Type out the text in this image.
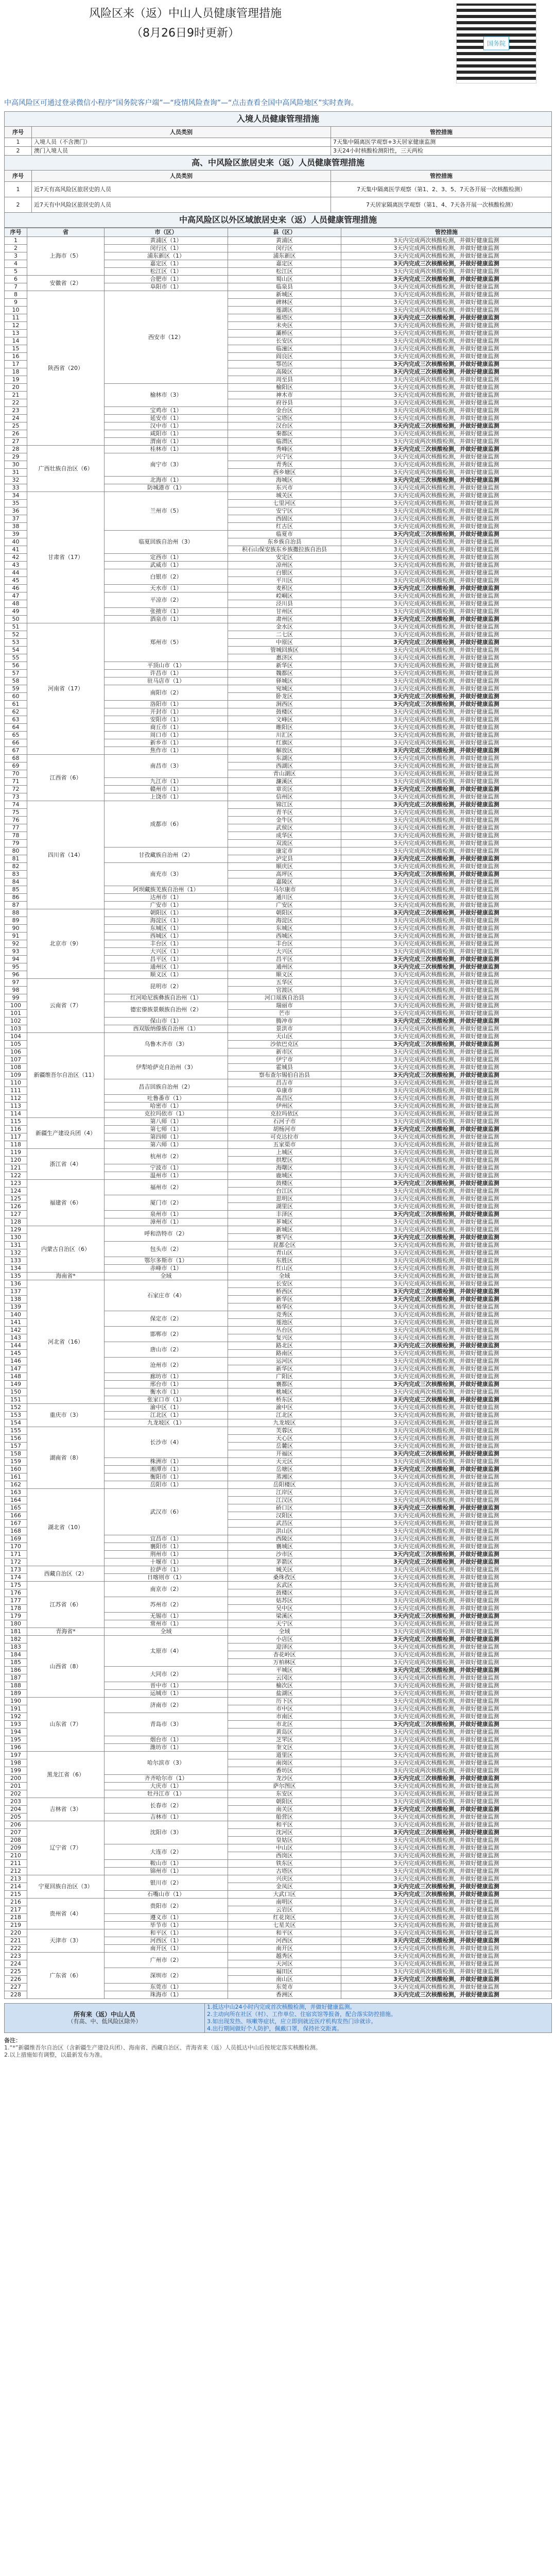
风险区来（返）中山人员健康管理措施
（8月26日9时更新）
国务院
中高风险区可通过登录微信小程序“国务院客户端”—“疫情风险查询”—“点击查看全国中高风险地区”实时查询。
入境人员健康管理措施		
序号	人员类别	管控措施
1	入境人员（不含澳门）	7天集中隔离医学观察+3天居家健康监测
2	澳门入境人员	3天24小时核酸检测阳性，三天两检
高、中风险区旅居史来（返）人员健康管理措施		
序号	人员类别	管控措施
1	近7天有高风险区旅居史的人员	7天集中隔离医学观察（第1、2、3、5、7天各开展一次核酸检测）
2	近7天有中风险区旅居史的人员	7天居家隔离医学观察（第1、4、7天各开展一次核酸检测）
中高风险区以外区域旅居史来（返）人员健康管理措施		
序号	省	市（区）	县（区）	管控措施
1	上海市（5）	黄浦区（1）	黄浦区	3天内完成两次核酸检测，并做好健康监测
2		闵行区（1）	闵行区	3天内完成两次核酸检测，并做好健康监测
3		浦东新区（1）	浦东新区	3天内完成两次核酸检测，并做好健康监测
4		嘉定区（1）	嘉定区	3天内完成三次核酸检测，并做好健康监测
5		松江区（1）	松江区	3天内完成两次核酸检测，并做好健康监测
6	安徽省（2）	合肥市（1）	蜀山区	3天内完成三次核酸检测，并做好健康监测
7		阜阳市（1）	临泉县	3天内完成两次核酸检测，并做好健康监测
8	陕西省（20）	西安市（12）	新城区	3天内完成两次核酸检测，并做好健康监测
9			碑林区	3天内完成两次核酸检测，并做好健康监测
10			莲湖区	3天内完成两次核酸检测，并做好健康监测
11			雁塔区	3天内完成三次核酸检测，并做好健康监测
12			未央区	3天内完成两次核酸检测，并做好健康监测
13			灞桥区	3天内完成两次核酸检测，并做好健康监测
14			长安区	3天内完成两次核酸检测，并做好健康监测
15			临潼区	3天内完成两次核酸检测，并做好健康监测
16			阎良区	3天内完成两次核酸检测，并做好健康监测
17			鄠邑区	3天内完成三次核酸检测，并做好健康监测
18			高陵区	3天内完成三次核酸检测，并做好健康监测
19			周至县	3天内完成两次核酸检测，并做好健康监测
20		榆林市（3）	榆阳区	3天内完成两次核酸检测，并做好健康监测
21			神木市	3天内完成两次核酸检测，并做好健康监测
22			府谷县	3天内完成两次核酸检测，并做好健康监测
23		宝鸡市（1）	金台区	3天内完成两次核酸检测，并做好健康监测
24		延安市（1）	宝塔区	3天内完成两次核酸检测，并做好健康监测
25		汉中市（1）	汉台区	3天内完成三次核酸检测，并做好健康监测
26		咸阳市（1）	秦都区	3天内完成两次核酸检测，并做好健康监测
27		渭南市（1）	临渭区	3天内完成两次核酸检测，并做好健康监测
28	广西壮族自治区（6）	桂林市（1）	秀峰区	3天内完成三次核酸检测，并做好健康监测
29		南宁市（3）	兴宁区	3天内完成两次核酸检测，并做好健康监测
30			青秀区	3天内完成两次核酸检测，并做好健康监测
31			西乡塘区	3天内完成两次核酸检测，并做好健康监测
32		北海市（1）	海城区	3天内完成三次核酸检测，并做好健康监测
33		防城港市（1）	东兴市	3天内完成两次核酸检测，并做好健康监测
34	甘肃省（17）	兰州市（5）	城关区	3天内完成两次核酸检测，并做好健康监测
35			七里河区	3天内完成两次核酸检测，并做好健康监测
36			安宁区	3天内完成两次核酸检测，并做好健康监测
37			西固区	3天内完成两次核酸检测，并做好健康监测
38			红古区	3天内完成两次核酸检测，并做好健康监测
39		临夏回族自治州（3）	临夏市	3天内完成三次核酸检测，并做好健康监测
40			东乡族自治县	3天内完成两次核酸检测，并做好健康监测
41			积石山保安族东乡族撒拉族自治县	3天内完成两次核酸检测，并做好健康监测
42		定西市（1）	安定区	3天内完成两次核酸检测，并做好健康监测
43		武威市（1）	凉州区	3天内完成两次核酸检测，并做好健康监测
44		白银市（2）	白银区	3天内完成两次核酸检测，并做好健康监测
45			平川区	3天内完成两次核酸检测，并做好健康监测
46		天水市（1）	麦积区	3天内完成三次核酸检测，并做好健康监测
47		平凉市（2）	崆峒区	3天内完成两次核酸检测，并做好健康监测
48			泾川县	3天内完成两次核酸检测，并做好健康监测
49		张掖市（1）	甘州区	3天内完成两次核酸检测，并做好健康监测
50		酒泉市（1）	肃州区	3天内完成三次核酸检测，并做好健康监测
51	河南省（17）	郑州市（5）	金水区	3天内完成两次核酸检测，并做好健康监测
52			二七区	3天内完成两次核酸检测，并做好健康监测
53			中原区	3天内完成三次核酸检测，并做好健康监测
54			管城回族区	3天内完成两次核酸检测，并做好健康监测
55			惠济区	3天内完成两次核酸检测，并做好健康监测
56		平顶山市（1）	新华区	3天内完成两次核酸检测，并做好健康监测
57		许昌市（1）	魏都区	3天内完成两次核酸检测，并做好健康监测
58		驻马店市（1）	驿城区	3天内完成两次核酸检测，并做好健康监测
59		南阳市（2）	宛城区	3天内完成两次核酸检测，并做好健康监测
60			卧龙区	3天内完成三次核酸检测，并做好健康监测
61		洛阳市（1）	涧西区	3天内完成三次核酸检测，并做好健康监测
62		开封市（1）	鼓楼区	3天内完成两次核酸检测，并做好健康监测
63		安阳市（1）	文峰区	3天内完成两次核酸检测，并做好健康监测
64		商丘市（1）	睢阳区	3天内完成两次核酸检测，并做好健康监测
65		周口市（1）	川汇区	3天内完成两次核酸检测，并做好健康监测
66		新乡市（1）	红旗区	3天内完成两次核酸检测，并做好健康监测
67		焦作市（1）	解放区	3天内完成三次核酸检测，并做好健康监测
68	江西省（6）	南昌市（3）	东湖区	3天内完成两次核酸检测，并做好健康监测
69			西湖区	3天内完成两次核酸检测，并做好健康监测
70			青山湖区	3天内完成两次核酸检测，并做好健康监测
71		九江市（1）	濂溪区	3天内完成两次核酸检测，并做好健康监测
72		赣州市（1）	章贡区	3天内完成三次核酸检测，并做好健康监测
73		上饶市（1）	信州区	3天内完成两次核酸检测，并做好健康监测
74	四川省（14）	成都市（6）	锦江区	3天内完成三次核酸检测，并做好健康监测
75			青羊区	3天内完成两次核酸检测，并做好健康监测
76			金牛区	3天内完成两次核酸检测，并做好健康监测
77			武侯区	3天内完成两次核酸检测，并做好健康监测
78			成华区	3天内完成两次核酸检测，并做好健康监测
79			双流区	3天内完成两次核酸检测，并做好健康监测
80		甘孜藏族自治州（2）	康定市	3天内完成两次核酸检测，并做好健康监测
81			泸定县	3天内完成三次核酸检测，并做好健康监测
82		南充市（3）	顺庆区	3天内完成两次核酸检测，并做好健康监测
83			高坪区	3天内完成三次核酸检测，并做好健康监测
84			嘉陵区	3天内完成两次核酸检测，并做好健康监测
85		阿坝藏族羌族自治州（1）	马尔康市	3天内完成两次核酸检测，并做好健康监测
86		达州市（1）	通川区	3天内完成两次核酸检测，并做好健康监测
87		广安市（1）	广安区	3天内完成两次核酸检测，并做好健康监测
88	北京市（9）	朝阳区（1）	朝阳区	3天内完成三次核酸检测，并做好健康监测
89		海淀区（1）	海淀区	3天内完成两次核酸检测，并做好健康监测
90		东城区（1）	东城区	3天内完成两次核酸检测，并做好健康监测
91		西城区（1）	西城区	3天内完成两次核酸检测，并做好健康监测
92		丰台区（1）	丰台区	3天内完成两次核酸检测，并做好健康监测
93		大兴区（1）	大兴区	3天内完成两次核酸检测，并做好健康监测
94		昌平区（1）	昌平区	3天内完成三次核酸检测，并做好健康监测
95		通州区（1）	通州区	3天内完成三次核酸检测，并做好健康监测
96		顺义区（1）	顺义区	3天内完成两次核酸检测，并做好健康监测
97	云南省（7）	昆明市（2）	五华区	3天内完成两次核酸检测，并做好健康监测
98			官渡区	3天内完成两次核酸检测，并做好健康监测
99		红河哈尼族彝族自治州（1）	河口瑶族自治县	3天内完成两次核酸检测，并做好健康监测
100		德宏傣族景颇族自治州（2）	瑞丽市	3天内完成两次核酸检测，并做好健康监测
101			芒市	3天内完成两次核酸检测，并做好健康监测
102		保山市（1）	腾冲市	3天内完成三次核酸检测，并做好健康监测
103		西双版纳傣族自治州（1）	景洪市	3天内完成两次核酸检测，并做好健康监测
104	新疆维吾尔自治区（11）	乌鲁木齐市（3）	天山区	3天内完成两次核酸检测，并做好健康监测
105			沙依巴克区	3天内完成三次核酸检测，并做好健康监测
106			新市区	3天内完成两次核酸检测，并做好健康监测
107		伊犁哈萨克自治州（3）	伊宁市	3天内完成两次核酸检测，并做好健康监测
108			霍城县	3天内完成两次核酸检测，并做好健康监测
109			察布查尔锡伯自治县	3天内完成三次核酸检测，并做好健康监测
110		昌吉回族自治州（2）	昌吉市	3天内完成两次核酸检测，并做好健康监测
111			阜康市	3天内完成两次核酸检测，并做好健康监测
112		吐鲁番市（1）	高昌区	3天内完成两次核酸检测，并做好健康监测
113		哈密市（1）	伊州区	3天内完成两次核酸检测，并做好健康监测
114		克拉玛依市（1）	克拉玛依区	3天内完成两次核酸检测，并做好健康监测
115	新疆生产建设兵团（4）	第八师（1）	石河子市	3天内完成两次核酸检测，并做好健康监测
116		第七师（1）	胡杨河市	3天内完成三次核酸检测，并做好健康监测
117		第四师（1）	可克达拉市	3天内完成两次核酸检测，并做好健康监测
118		第六师（1）	五家渠市	3天内完成两次核酸检测，并做好健康监测
119	浙江省（4）	杭州市（2）	上城区	3天内完成两次核酸检测，并做好健康监测
120			拱墅区	3天内完成两次核酸检测，并做好健康监测
121		宁波市（1）	海曙区	3天内完成两次核酸检测，并做好健康监测
122		温州市（1）	鹿城区	3天内完成两次核酸检测，并做好健康监测
123	福建省（6）	福州市（2）	鼓楼区	3天内完成三次核酸检测，并做好健康监测
124			台江区	3天内完成两次核酸检测，并做好健康监测
125		厦门市（2）	思明区	3天内完成两次核酸检测，并做好健康监测
126			湖里区	3天内完成两次核酸检测，并做好健康监测
127		泉州市（1）	丰泽区	3天内完成三次核酸检测，并做好健康监测
128		漳州市（1）	芗城区	3天内完成两次核酸检测，并做好健康监测
129	内蒙古自治区（6）	呼和浩特市（2）	新城区	3天内完成两次核酸检测，并做好健康监测
130			赛罕区	3天内完成三次核酸检测，并做好健康监测
131		包头市（2）	昆都仑区	3天内完成两次核酸检测，并做好健康监测
132			青山区	3天内完成两次核酸检测，并做好健康监测
133		鄂尔多斯市（1）	东胜区	3天内完成两次核酸检测，并做好健康监测
134		赤峰市（1）	红山区	3天内完成两次核酸检测，并做好健康监测
135	海南省*	全域	全域	3天内完成两次核酸检测，并做好健康监测
136	河北省（16）	石家庄市（4）	长安区	3天内完成两次核酸检测，并做好健康监测
137			桥西区	3天内完成三次核酸检测，并做好健康监测
138			新华区	3天内完成三次核酸检测，并做好健康监测
139			裕华区	3天内完成两次核酸检测，并做好健康监测
140		保定市（2）	竞秀区	3天内完成两次核酸检测，并做好健康监测
141			莲池区	3天内完成两次核酸检测，并做好健康监测
142		邯郸市（2）	丛台区	3天内完成两次核酸检测，并做好健康监测
143			复兴区	3天内完成两次核酸检测，并做好健康监测
144		唐山市（2）	路北区	3天内完成三次核酸检测，并做好健康监测
145			路南区	3天内完成两次核酸检测，并做好健康监测
146		沧州市（2）	运河区	3天内完成两次核酸检测，并做好健康监测
147			新华区	3天内完成两次核酸检测，并做好健康监测
148		廊坊市（1）	广阳区	3天内完成两次核酸检测，并做好健康监测
149		邢台市（1）	襄都区	3天内完成三次核酸检测，并做好健康监测
150		衡水市（1）	桃城区	3天内完成两次核酸检测，并做好健康监测
151		张家口市（1）	桥东区	3天内完成三次核酸检测，并做好健康监测
152	重庆市（3）	渝中区（1）	渝中区	3天内完成两次核酸检测，并做好健康监测
153		江北区（1）	江北区	3天内完成两次核酸检测，并做好健康监测
154		九龙坡区（1）	九龙坡区	3天内完成两次核酸检测，并做好健康监测
155	湖南省（8）	长沙市（4）	芙蓉区	3天内完成两次核酸检测，并做好健康监测
156			天心区	3天内完成两次核酸检测，并做好健康监测
157			岳麓区	3天内完成两次核酸检测，并做好健康监测
158			开福区	3天内完成三次核酸检测，并做好健康监测
159		株洲市（1）	天元区	3天内完成两次核酸检测，并做好健康监测
160		湘潭市（1）	岳塘区	3天内完成三次核酸检测，并做好健康监测
161		衡阳市（1）	蒸湘区	3天内完成两次核酸检测，并做好健康监测
162		岳阳市（1）	岳阳楼区	3天内完成两次核酸检测，并做好健康监测
163	湖北省（10）	武汉市（6）	江岸区	3天内完成两次核酸检测，并做好健康监测
164			江汉区	3天内完成两次核酸检测，并做好健康监测
165			硚口区	3天内完成三次核酸检测，并做好健康监测
166			汉阳区	3天内完成两次核酸检测，并做好健康监测
167			武昌区	3天内完成两次核酸检测，并做好健康监测
168			洪山区	3天内完成两次核酸检测，并做好健康监测
169		宜昌市（1）	西陵区	3天内完成两次核酸检测，并做好健康监测
170		襄阳市（1）	襄城区	3天内完成两次核酸检测，并做好健康监测
171		荆州市（1）	沙市区	3天内完成三次核酸检测，并做好健康监测
172		十堰市（1）	茅箭区	3天内完成三次核酸检测，并做好健康监测
173	西藏自治区（2）	拉萨市（1）	城关区	3天内完成两次核酸检测，并做好健康监测
174		日喀则市（1）	桑珠孜区	3天内完成两次核酸检测，并做好健康监测
175	江苏省（6）	南京市（2）	玄武区	3天内完成两次核酸检测，并做好健康监测
176			鼓楼区	3天内完成两次核酸检测，并做好健康监测
177		苏州市（2）	姑苏区	3天内完成两次核酸检测，并做好健康监测
178			吴中区	3天内完成两次核酸检测，并做好健康监测
179		无锡市（1）	梁溪区	3天内完成三次核酸检测，并做好健康监测
180		常州市（1）	天宁区	3天内完成两次核酸检测，并做好健康监测
181	青海省*	全域	全域	3天内完成两次核酸检测，并做好健康监测
182	山西省（8）	太原市（4）	小店区	3天内完成三次核酸检测，并做好健康监测
183			迎泽区	3天内完成两次核酸检测，并做好健康监测
184			杏花岭区	3天内完成两次核酸检测，并做好健康监测
185			万柏林区	3天内完成两次核酸检测，并做好健康监测
186		大同市（2）	平城区	3天内完成三次核酸检测，并做好健康监测
187			云冈区	3天内完成两次核酸检测，并做好健康监测
188		晋中市（1）	榆次区	3天内完成两次核酸检测，并做好健康监测
189		运城市（1）	盐湖区	3天内完成两次核酸检测，并做好健康监测
190	山东省（7）	济南市（2）	历下区	3天内完成两次核酸检测，并做好健康监测
191			市中区	3天内完成两次核酸检测，并做好健康监测
192		青岛市（3）	市南区	3天内完成两次核酸检测，并做好健康监测
193			市北区	3天内完成三次核酸检测，并做好健康监测
194			黄岛区	3天内完成两次核酸检测，并做好健康监测
195		烟台市（1）	芝罘区	3天内完成两次核酸检测，并做好健康监测
196		潍坊市（1）	奎文区	3天内完成两次核酸检测，并做好健康监测
197	黑龙江省（6）	哈尔滨市（3）	道里区	3天内完成两次核酸检测，并做好健康监测
198			南岗区	3天内完成两次核酸检测，并做好健康监测
199			香坊区	3天内完成两次核酸检测，并做好健康监测
200		齐齐哈尔市（1）	龙沙区	3天内完成三次核酸检测，并做好健康监测
201		大庆市（1）	萨尔图区	3天内完成两次核酸检测，并做好健康监测
202		牡丹江市（1）	东安区	3天内完成两次核酸检测，并做好健康监测
203	吉林省（3）	长春市（2）	朝阳区	3天内完成两次核酸检测，并做好健康监测
204			南关区	3天内完成三次核酸检测，并做好健康监测
205		吉林市（1）	船营区	3天内完成两次核酸检测，并做好健康监测
206	辽宁省（7）	沈阳市（3）	和平区	3天内完成两次核酸检测，并做好健康监测
207			沈河区	3天内完成三次核酸检测，并做好健康监测
208			皇姑区	3天内完成两次核酸检测，并做好健康监测
209		大连市（2）	中山区	3天内完成两次核酸检测，并做好健康监测
210			西岗区	3天内完成两次核酸检测，并做好健康监测
211		鞍山市（1）	铁东区	3天内完成两次核酸检测，并做好健康监测
212		锦州市（1）	古塔区	3天内完成两次核酸检测，并做好健康监测
213	宁夏回族自治区（3）	银川市（2）	兴庆区	3天内完成两次核酸检测，并做好健康监测
214			金凤区	3天内完成三次核酸检测，并做好健康监测
215		石嘴山市（1）	大武口区	3天内完成三次核酸检测，并做好健康监测
216	贵州省（4）	贵阳市（2）	南明区	3天内完成两次核酸检测，并做好健康监测
217			云岩区	3天内完成两次核酸检测，并做好健康监测
218		遵义市（1）	红花岗区	3天内完成两次核酸检测，并做好健康监测
219		毕节市（1）	七星关区	3天内完成两次核酸检测，并做好健康监测
220	天津市（3）	和平区（1）	和平区	3天内完成两次核酸检测，并做好健康监测
221		河西区（1）	河西区	3天内完成三次核酸检测，并做好健康监测
222		南开区（1）	南开区	3天内完成两次核酸检测，并做好健康监测
223	广东省（6）	广州市（2）	越秀区	3天内完成两次核酸检测，并做好健康监测
224			天河区	3天内完成两次核酸检测，并做好健康监测
225		深圳市（2）	福田区	3天内完成两次核酸检测，并做好健康监测
226			南山区	3天内完成三次核酸检测，并做好健康监测
227		东莞市（1）	东莞市	3天内完成两次核酸检测，并做好健康监测
228		珠海市（1）	香洲区	3天内完成三次核酸检测，并做好健康监测
所有来（返）中山人员
（有高、中、低风险区除外）

1.抵达中山24小时内完成首次核酸检测，并做好健康监测。
2.主动向所在社区（村）、工作单位、住宿宾馆等报备，配合落实防控措施。
3.如出现发热、咳嗽等症状，应立即到就近医疗机构发热门诊就诊。
4.出行期间做好个人防护，佩戴口罩，保持社交距离。
备注：
1.“*”新疆维吾尔自治区（含新疆生产建设兵团）、海南省、西藏自治区、青海省来（返）人员抵达中山后按规定落实核酸检测。
2.以上措施如有调整，以最新发布为准。
